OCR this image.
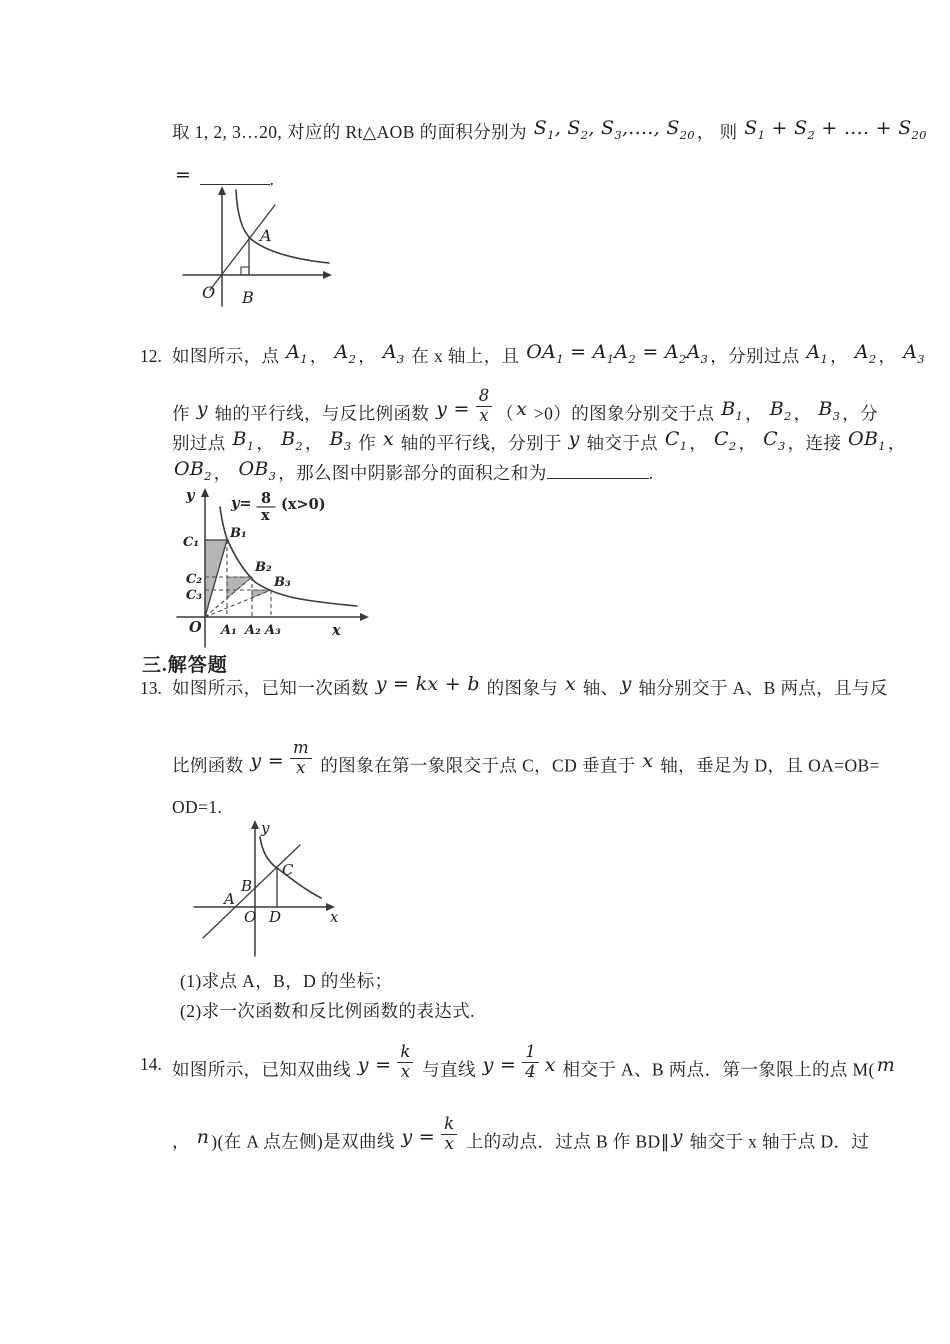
取 1, 2, 3…20, 对应的 Rt△AOB 的面积分别为 $S_1$, $S_2$, $S_3$,...., $S_{20}$ ， 则 $S_1 + S_2$ + .... + $S_{20}$
=	.
O B
A
12. 如图所示，点 $A_1$ ， $A_2$ ， $A_3$ 在 x 轴上，且 $OA_1 = A_1A_2 = A_2A_3$ ，分别过点 $A_1$ ， $A_2$ ， $A_3$
作 y 轴的平行线，与反比例函数 $y = \frac{8}{x}$ （ x >0）的图象分别交于点 $B_1$ ， $B_2$ ， $B_3$ ，分
别过点 $B_1$ ， $B_2$ ， $B_3$ 作 x 轴的平行线，分别于 y 轴交于点 $C_1$ ， $C_2$ ， $C_3$ ，连接 $OB_1$ ，
$OB_2$ ， $OB_3$ ，那么图中阴影部分的面积之和为	.
y= 8
x
(x>0)
y
x
O
C₁
C₂
C₃
B₁
B₂
B₃
A₁ A₂ A₃
三.解答题
13. 如图所示，已知一次函数 y = kx + b 的图象与 x 轴、 y 轴分别交于 A、B 两点，且与反
比例函数 $y = \frac{m}{x}$ 的图象在第一象限交于点 C，CD 垂直于 x 轴，垂足为 D，且 OA=OB=
OD=1.
y
x
O
A
B
C
D
(1)求点 A，B，D 的坐标；
(2)求一次函数和反比例函数的表达式.
14. 如图所示，已知双曲线 $y = \frac{k}{x}$ 与直线 $y = \frac{1}{4}$ x 相交于 A、B 两点．第一象限上的点 M( m
， n )(在 A 点左侧)是双曲线 $y = \frac{k}{x}$ 上的动点．过点 B 作 BD∥ y 轴交于 x 轴于点 D．过
